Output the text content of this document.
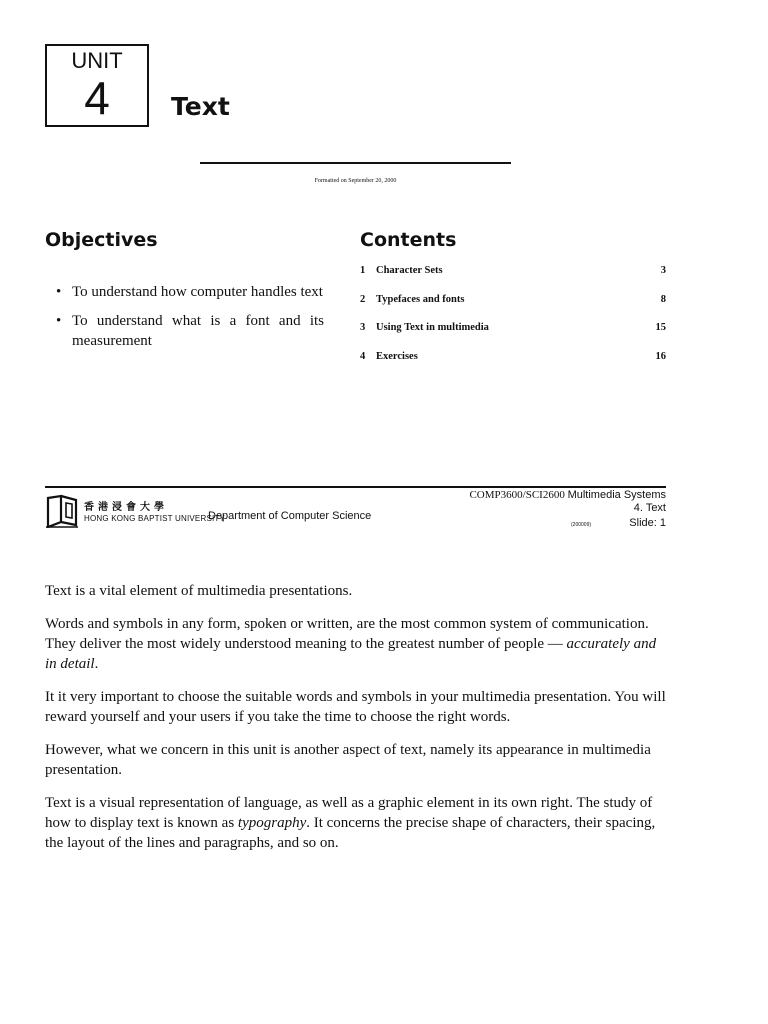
UNIT
4	Text
Formatted on September 20, 2000
Objectives
• To understand how computer handles text
• To understand what is a font and its measurement
Contents
1 Character Sets	3
2 Typefaces and fonts	8
3 Using Text in multimedia	15
4 Exercises	16
香港浸會大學
HONG KONG BAPTIST UNIVERSITY
Department of Computer Science
COMP3600/SCI2600 Multimedia Systems
4. Text
(200009)	Slide: 1

Text is a vital element of multimedia presentations.

Words and symbols in any form, spoken or written, are the most common system of communication. They deliver the most widely understood meaning to the greatest number of people — accurately and in detail.

It it very important to choose the suitable words and symbols in your multimedia presentation. You will reward yourself and your users if you take the time to choose the right words.

However, what we concern in this unit is another aspect of text, namely its appearance in multimedia presentation.

Text is a visual representation of language, as well as a graphic element in its own right. The study of how to display text is known as typography. It concerns the precise shape of characters, their spacing, the layout of the lines and paragraphs, and so on.
